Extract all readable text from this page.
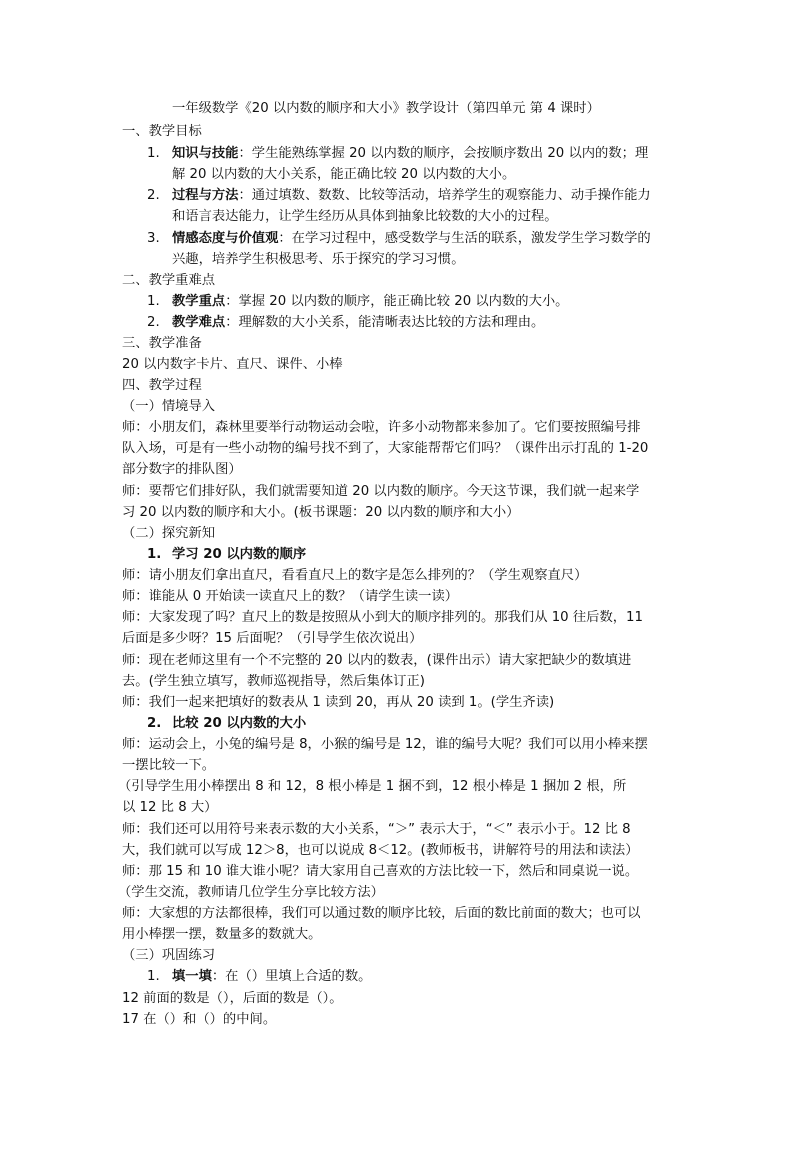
一年级数学《20 以内数的顺序和大小》教学设计（第四单元 第 4 课时）
一、教学目标
1. 知识与技能：学生能熟练掌握 20 以内数的顺序，会按顺序数出 20 以内的数；理
解 20 以内数的大小关系，能正确比较 20 以内数的大小。
2. 过程与方法：通过填数、数数、比较等活动，培养学生的观察能力、动手操作能力
和语言表达能力，让学生经历从具体到抽象比较数的大小的过程。
3. 情感态度与价值观：在学习过程中，感受数学与生活的联系，激发学生学习数学的
兴趣，培养学生积极思考、乐于探究的学习习惯。
二、教学重难点
1. 教学重点：掌握 20 以内数的顺序，能正确比较 20 以内数的大小。
2. 教学难点：理解数的大小关系，能清晰表达比较的方法和理由。
三、教学准备
20 以内数字卡片、直尺、课件、小棒
四、教学过程
（一）情境导入
师：小朋友们，森林里要举行动物运动会啦，许多小动物都来参加了。它们要按照编号排
队入场，可是有一些小动物的编号找不到了，大家能帮帮它们吗？（课件出示打乱的 1-20
部分数字的排队图）
师：要帮它们排好队，我们就需要知道 20 以内数的顺序。今天这节课，我们就一起来学
习 20 以内数的顺序和大小。(板书课题：20 以内数的顺序和大小）
（二）探究新知
1. 学习 20 以内数的顺序
师：请小朋友们拿出直尺，看看直尺上的数字是怎么排列的？（学生观察直尺）
师：谁能从 0 开始读一读直尺上的数？（请学生读一读）
师：大家发现了吗？直尺上的数是按照从小到大的顺序排列的。那我们从 10 往后数，11
后面是多少呀？15 后面呢？（引导学生依次说出）
师：现在老师这里有一个不完整的 20 以内的数表，(课件出示）请大家把缺少的数填进
去。(学生独立填写，教师巡视指导，然后集体订正)
师：我们一起来把填好的数表从 1 读到 20，再从 20 读到 1。(学生齐读)
2. 比较 20 以内数的大小
师：运动会上，小兔的编号是 8，小猴的编号是 12，谁的编号大呢？我们可以用小棒来摆
一摆比较一下。
（引导学生用小棒摆出 8 和 12，8 根小棒是 1 捆不到，12 根小棒是 1 捆加 2 根，所
以 12 比 8 大）
师：我们还可以用符号来表示数的大小关系，“＞” 表示大于，“＜” 表示小于。12 比 8
大，我们就可以写成 12＞8，也可以说成 8＜12。(教师板书，讲解符号的用法和读法）
师：那 15 和 10 谁大谁小呢？请大家用自己喜欢的方法比较一下，然后和同桌说一说。
（学生交流，教师请几位学生分享比较方法）
师：大家想的方法都很棒，我们可以通过数的顺序比较，后面的数比前面的数大；也可以
用小棒摆一摆，数量多的数就大。
（三）巩固练习
1. 填一填：在（）里填上合适的数。
12 前面的数是（），后面的数是（）。
17 在（）和（）的中间。
